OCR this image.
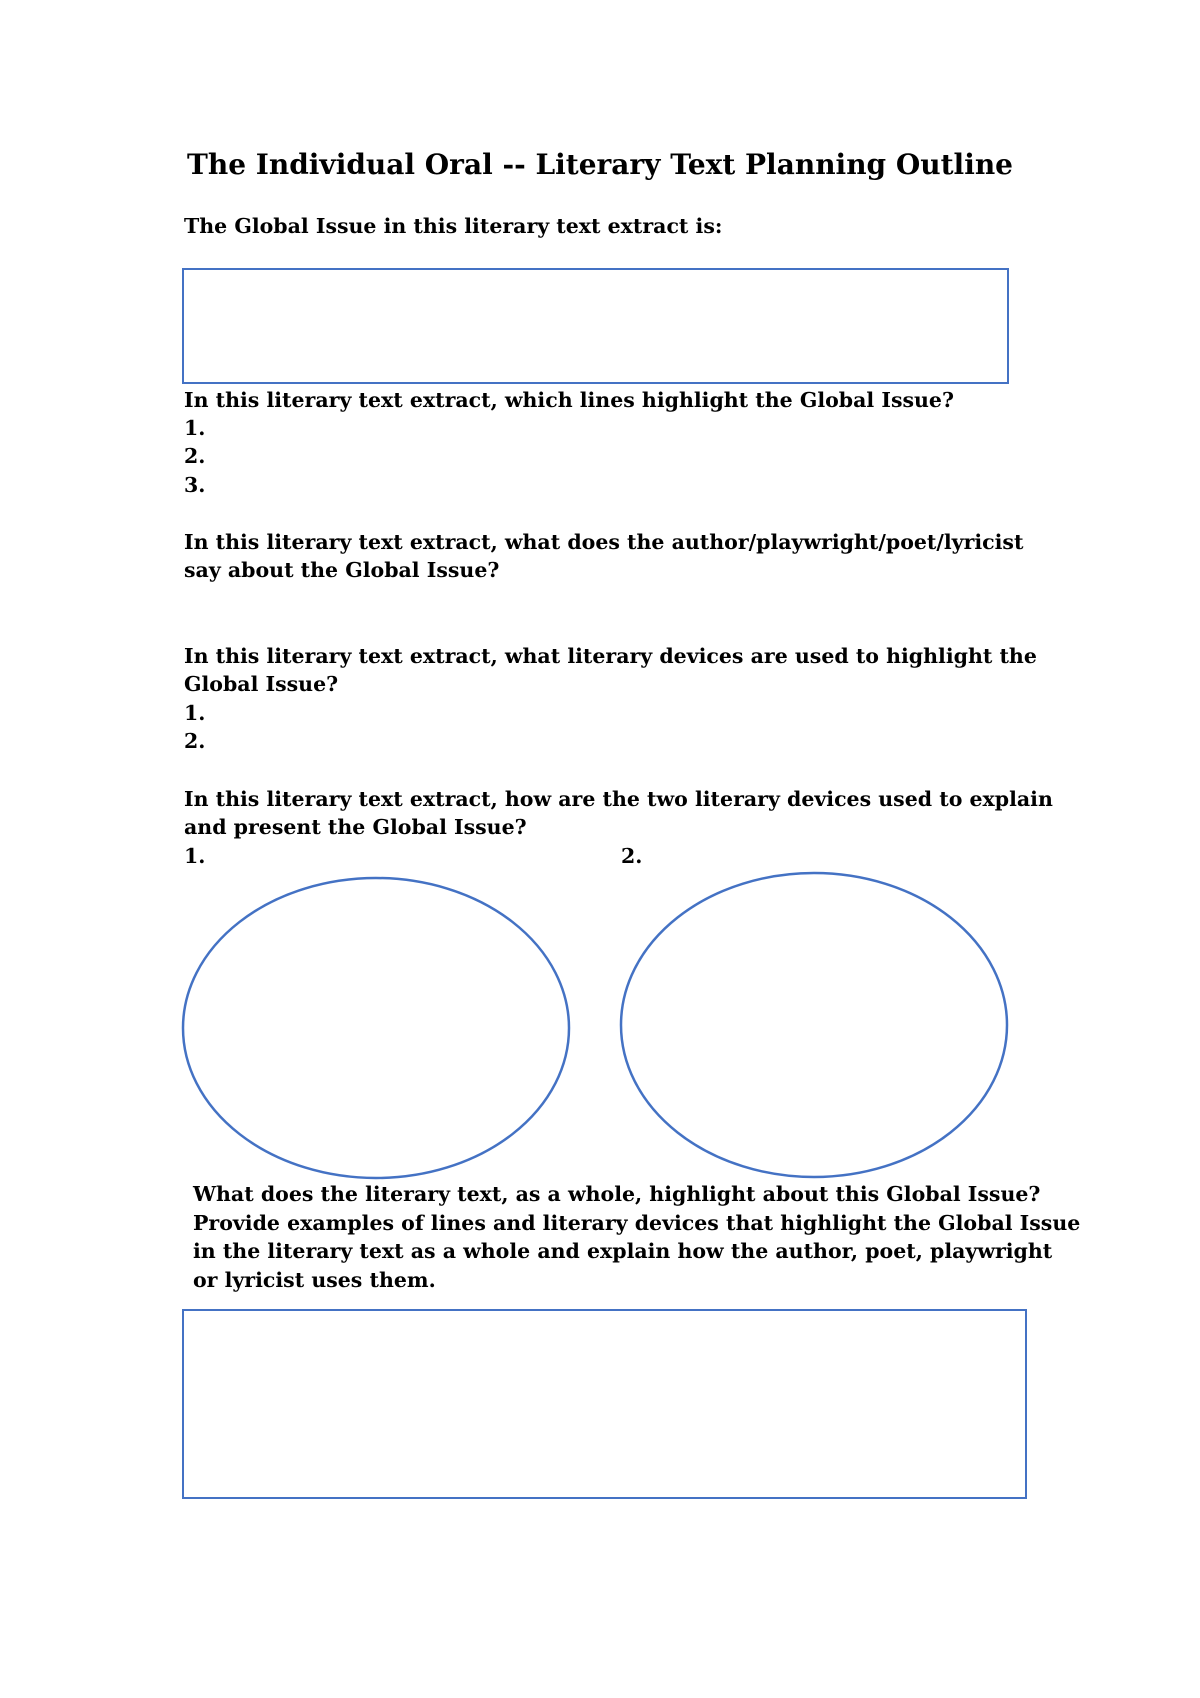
The Individual Oral -- Literary Text Planning Outline
The Global Issue in this literary text extract is:
In this literary text extract, which lines highlight the Global Issue?
1.
2.
3.
In this literary text extract, what does the author/playwright/poet/lyricist
say about the Global Issue?
In this literary text extract, what literary devices are used to highlight the
Global Issue?
1.
2.
In this literary text extract, how are the two literary devices used to explain
and present the Global Issue?
1.	2.
What does the literary text, as a whole, highlight about this Global Issue?
Provide examples of lines and literary devices that highlight the Global Issue
in the literary text as a whole and explain how the author, poet, playwright
or lyricist uses them.
